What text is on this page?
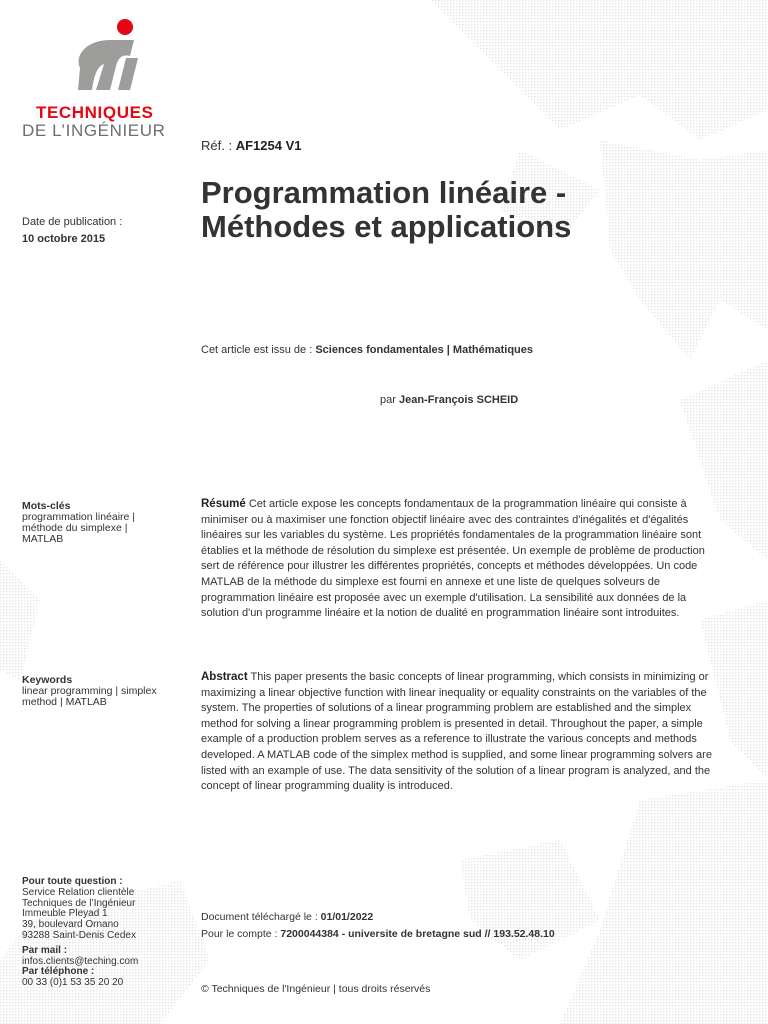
TECHNIQUES
DE L’INGÉNIEUR
Réf. : AF1254 V1
Programmation linéaire -
Méthodes et applications
Date de publication :
10 octobre 2015
Cet article est issu de : Sciences fondamentales | Mathématiques
par Jean-François SCHEID
Mots-clés
programmation linéaire |
méthode du simplexe |
MATLAB
Résumé Cet article expose les concepts fondamentaux de la programmation linéaire qui consiste à minimiser ou à maximiser une fonction objectif linéaire avec des contraintes d'inégalités et d'égalités linéaires sur les variables du système. Les propriétés fondamentales de la programmation linéaire sont établies et la méthode de résolution du simplexe est présentée. Un exemple de problème de production sert de référence pour illustrer les différentes propriétés, concepts et méthodes développées. Un code MATLAB de la méthode du simplexe est fourni en annexe et une liste de quelques solveurs de programmation linéaire est proposée avec un exemple d'utilisation. La sensibilité aux données de la solution d'un programme linéaire et la notion de dualité en programmation linéaire sont introduites.
Keywords
linear programming | simplex
method | MATLAB
Abstract This paper presents the basic concepts of linear programming, which consists in minimizing or maximizing a linear objective function with linear inequality or equality constraints on the variables of the system. The properties of solutions of a linear programming problem are established and the simplex method for solving a linear programming problem is presented in detail. Throughout the paper, a simple example of a production problem serves as a reference to illustrate the various concepts and methods developed. A MATLAB code of the simplex method is supplied, and some linear programming solvers are listed with an example of use. The data sensitivity of the solution of a linear program is analyzed, and the concept of linear programming duality is introduced.
Pour toute question :
Service Relation clientèle
Techniques de l’Ingénieur
Immeuble Pleyad 1
39, boulevard Ornano
93288 Saint-Denis Cedex
Par mail :
infos.clients@teching.com
Par téléphone :
00 33 (0)1 53 35 20 20
Document téléchargé le : 01/01/2022
Pour le compte : 7200044384 - universite de bretagne sud // 193.52.48.10
© Techniques de l'Ingénieur | tous droits réservés
